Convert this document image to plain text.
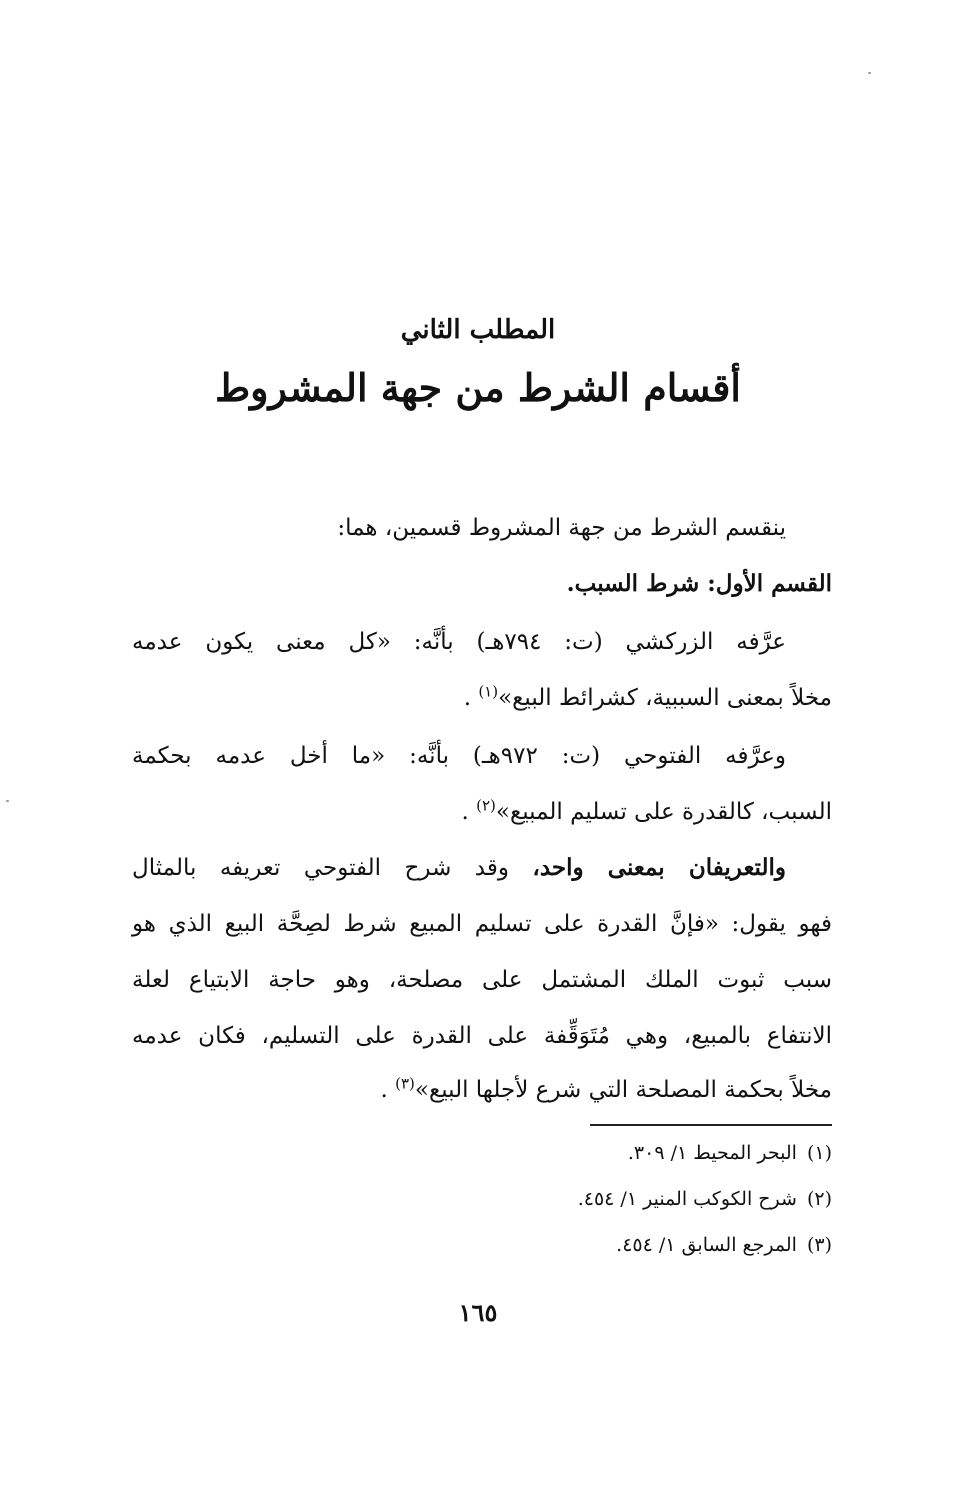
المطلب الثاني
أقسام الشرط من جهة المشروط
ينقسم الشرط من جهة المشروط قسمين، هما:
القسم الأول: شرط السبب.
عرَّفه الزركشي (ت: ٧٩٤هـ) بأنَّه: «كل معنى يكون عدمه
مخلاً بمعنى السببية، كشرائط البيع»$^{(١)}$ .
وعرَّفه الفتوحي (ت: ٩٧٢هـ) بأنَّه: «ما أخل عدمه بحكمة
السبب، كالقدرة على تسليم المبيع»$^{(٢)}$ .
والتعريفان بمعنى واحد، وقد شرح الفتوحي تعريفه بالمثال
فهو يقول: «فإنَّ القدرة على تسليم المبيع شرط لصِحَّة البيع الذي هو
سبب ثبوت الملك المشتمل على مصلحة، وهو حاجة الابتياع لعلة
الانتفاع بالمبيع، وهي مُتَوَقِّفة على القدرة على التسليم، فكان عدمه
مخلاً بحكمة المصلحة التي شرع لأجلها البيع»$^{(٣)}$ .
(١)البحر المحيط ١/ ٣٠٩.
(٢)شرح الكوكب المنير ١/ ٤٥٤.
(٣)المرجع السابق ١/ ٤٥٤.
١٦٥
